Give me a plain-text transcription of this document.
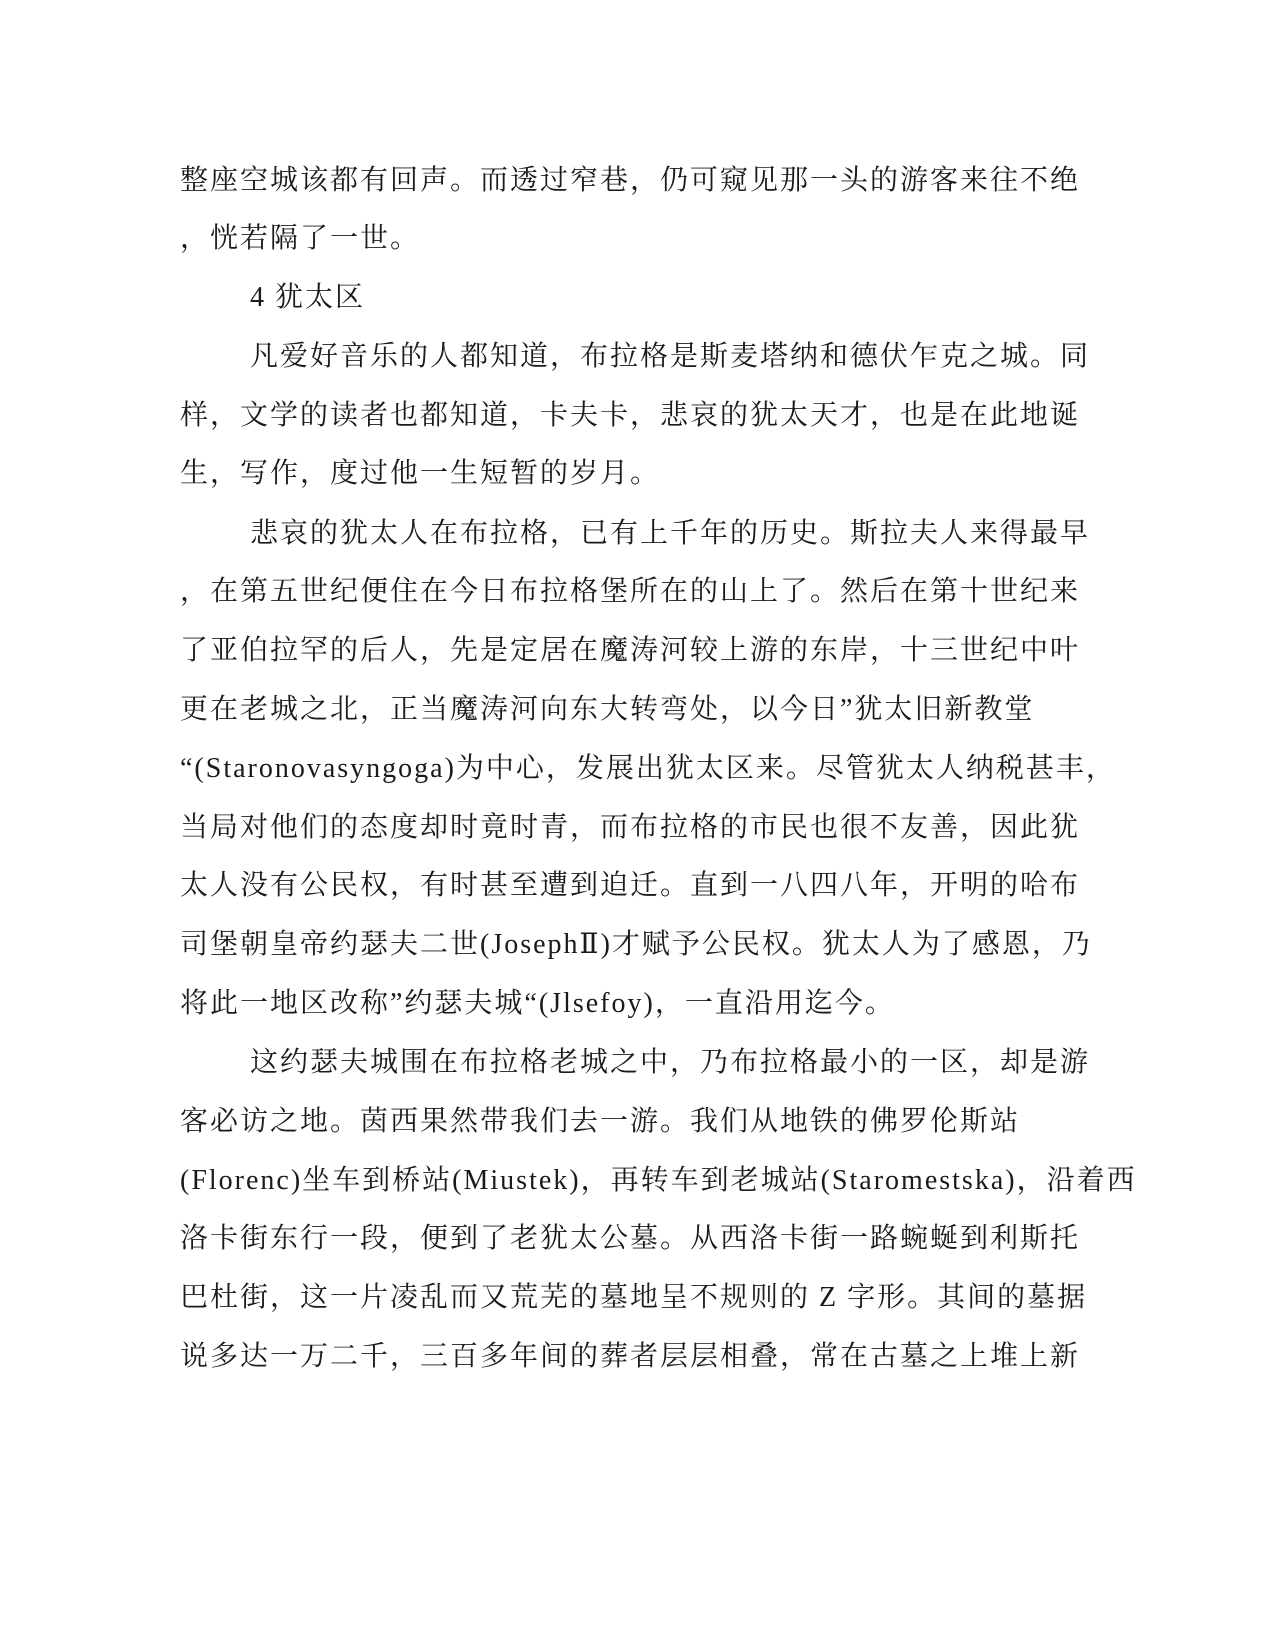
整座空城该都有回声。而透过窄巷，仍可窥见那一头的游客来往不绝

，恍若隔了一世。

4 犹太区

凡爱好音乐的人都知道，布拉格是斯麦塔纳和德伏乍克之城。同

样，文学的读者也都知道，卡夫卡，悲哀的犹太天才，也是在此地诞

生，写作，度过他一生短暂的岁月。

悲哀的犹太人在布拉格，已有上千年的历史。斯拉夫人来得最早

，在第五世纪便住在今日布拉格堡所在的山上了。然后在第十世纪来

了亚伯拉罕的后人，先是定居在魔涛河较上游的东岸，十三世纪中叶

更在老城之北，正当魔涛河向东大转弯处，以今日”犹太旧新教堂

“(Staronovasyngoga)为中心，发展出犹太区来。尽管犹太人纳税甚丰，

当局对他们的态度却时竟时青，而布拉格的市民也很不友善，因此犹

太人没有公民权，有时甚至遭到迫迁。直到一八四八年，开明的哈布

司堡朝皇帝约瑟夫二世(JosephⅡ)才赋予公民权。犹太人为了感恩，乃

将此一地区改称”约瑟夫城“(Jlsefoy)，一直沿用迄今。

这约瑟夫城围在布拉格老城之中，乃布拉格最小的一区，却是游

客必访之地。茵西果然带我们去一游。我们从地铁的佛罗伦斯站

(Florenc)坐车到桥站(Miustek)，再转车到老城站(Staromestska)，沿着西

洛卡街东行一段，便到了老犹太公墓。从西洛卡街一路蜿蜒到利斯托

巴杜街，这一片凌乱而又荒芜的墓地呈不规则的 Z 字形。其间的墓据

说多达一万二千，三百多年间的葬者层层相叠，常在古墓之上堆上新
